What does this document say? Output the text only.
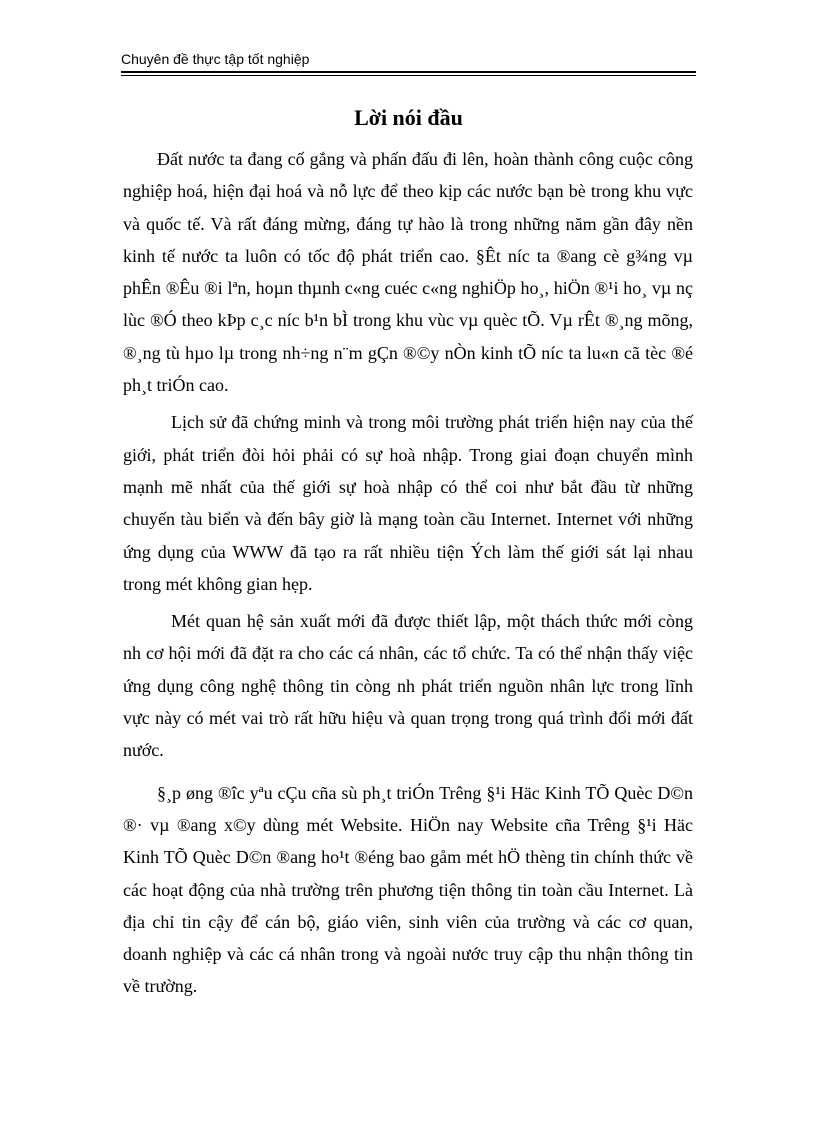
Chuyên đề thực tập tốt nghiệp
Lời nói đầu

Đất nước ta đang cố gắng và phấn đấu đi lên, hoàn thành công cuộc công nghiệp hoá, hiện đại hoá và nỗ lực để theo kịp các nước bạn bè trong khu vực và quốc tế. Và rất đáng mừng, đáng tự hào là trong những năm gần đây nền kinh tế nước ta luôn có tốc độ phát triển cao. §Êt níc ta ®ang cè g¾ng vµ phÊn ®Êu ®i lªn, hoµn thµnh c«ng cuéc c«ng nghiÖp ho¸, hiÖn ®¹i ho¸ vµ nç lùc ®Ó theo kÞp c¸c níc b¹n bÌ trong khu vùc vµ quèc tÕ. Vµ rÊt ®¸ng mõng, ®¸ng tù hµo lµ trong nh÷ng n¨m gÇn ®©y nÒn kinh tÕ níc ta lu«n cã tèc ®é ph¸t triÓn cao.

Lịch sử đã chứng minh và trong môi trường phát triển hiện nay của thế giới, phát triển đòi hỏi phải có sự hoà nhập. Trong giai đoạn chuyển mình mạnh mẽ nhất của thế giới sự hoà nhập có thể coi như bắt đầu từ những chuyến tàu biển và đến bây giờ là mạng toàn cầu Internet. Internet với những ứng dụng của WWW đã tạo ra rất nhiều tiện Ých làm thế giới sát lại nhau trong mét không gian hẹp.

Mét quan hệ sản xuất mới đã được thiết lập, một thách thức mới còng nh cơ hội mới đã đặt ra cho các cá nhân, các tổ chức. Ta có thể nhận thấy việc ứng dụng công nghệ thông tin còng nh phát triển nguồn nhân lực trong lĩnh vực này có mét vai trò rất hữu hiệu và quan trọng trong quá trình đổi mới đất nước.

§¸p øng ®îc yªu cÇu cña sù ph¸t triÓn Trêng §¹i Häc Kinh TÕ Quèc D©n ®· vµ ®ang x©y dùng mét Website. HiÖn nay Website cña Trêng §¹i Häc Kinh TÕ Quèc D©n ®ang ho¹t ®éng bao gåm mét hÖ thèng tin chính thức về các hoạt động của nhà trường trên phương tiện thông tin toàn cầu Internet. Là địa chỉ tin cậy để cán bộ, giáo viên, sinh viên của trường và các cơ quan, doanh nghiệp và các cá nhân trong và ngoài nước truy cập thu nhận thông tin về trường.
